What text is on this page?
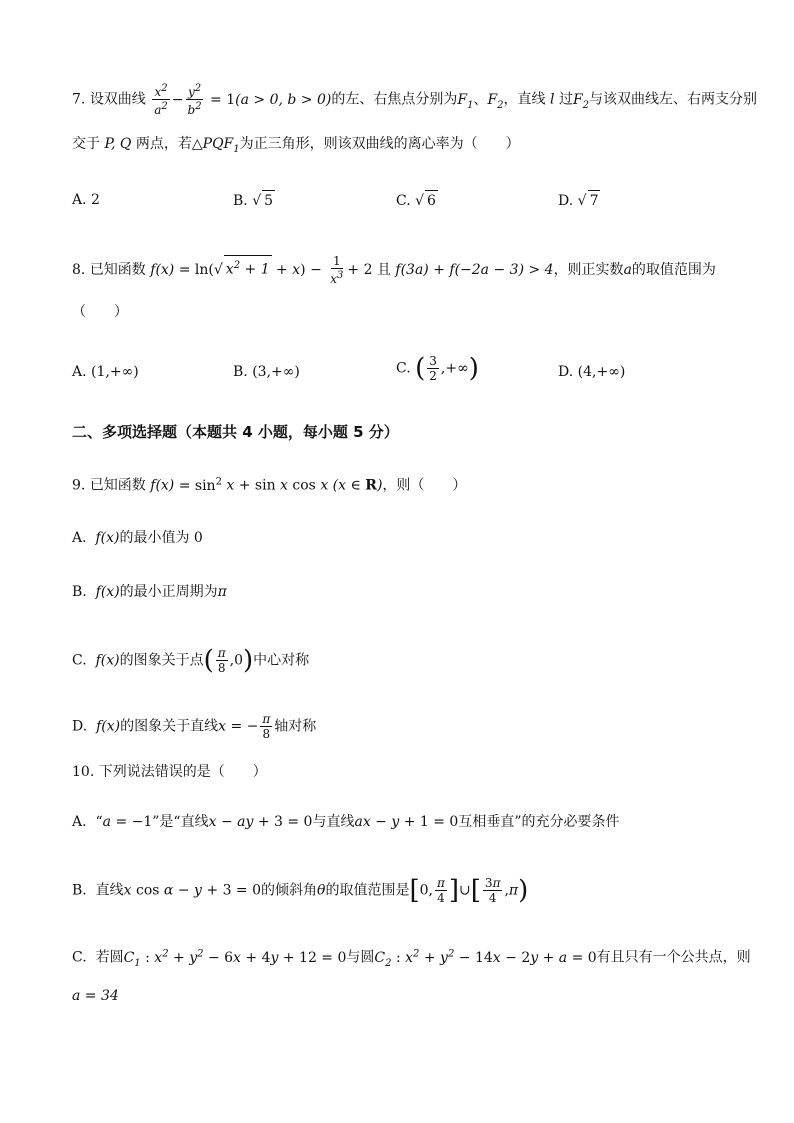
7. 设双曲线 $\frac{x^2}{a^2} - \frac{y^2}{b^2} = 1(a > 0$, b > 0)的左、右焦点分别为$F_1$、$F_2$，直线 l 过$F_2$与该双曲线左、右两支分别
交于 P, Q 两点，若$\triangle PQF_1$为正三角形，则该双曲线的离心率为（　　）
A. 2	B. √ 5	C. √ 6	D. √ 7
8. 已知函数 f(x) = ln(√ $x^2 + 1 + x) - \frac{1}{x^3} + 2$ 且 f(3a) + f(−2a − 3) > 4，则正实数a的取值范围为
（　　）
A. (1,+∞)	B. (3,+∞)	C. ( $\frac{3}{2}$ ,+∞)	D. (4,+∞)
二、多项选择题（本题共 4 小题，每小题 5 分）
9. 已知函数 $f(x) = \sin^2 x + \sin x$ cos x (x ∈ R)，则（　　）
A. f(x)的最小值为 0
B. f(x)的最小正周期为π
C. f(x)的图象关于点( $\frac{\pi}{8} ,0$)中心对称
D. f(x)的图象关于直线x = − $\frac{\pi}{8}$ 轴对称
10. 下列说法错误的是（　　）
A. “a = −1”是“直线x − ay + 3 = 0与直线ax − y + 1 = 0互相垂直”的充分必要条件
B. 直线x cos α − y + 3 = 0的倾斜角θ的取值范围是[0, $\frac{\pi}{4}$ ]∪[ $\frac{3\pi}{4} ,\pi$)
C. 若圆$C_1$ : $x^2 + y^2 - 6x + 4y + 12 = 0$与圆$C_2$ : $x^2 + y^2 - 14x - 2y + a = 0$有且只有一个公共点，则
a = 34
